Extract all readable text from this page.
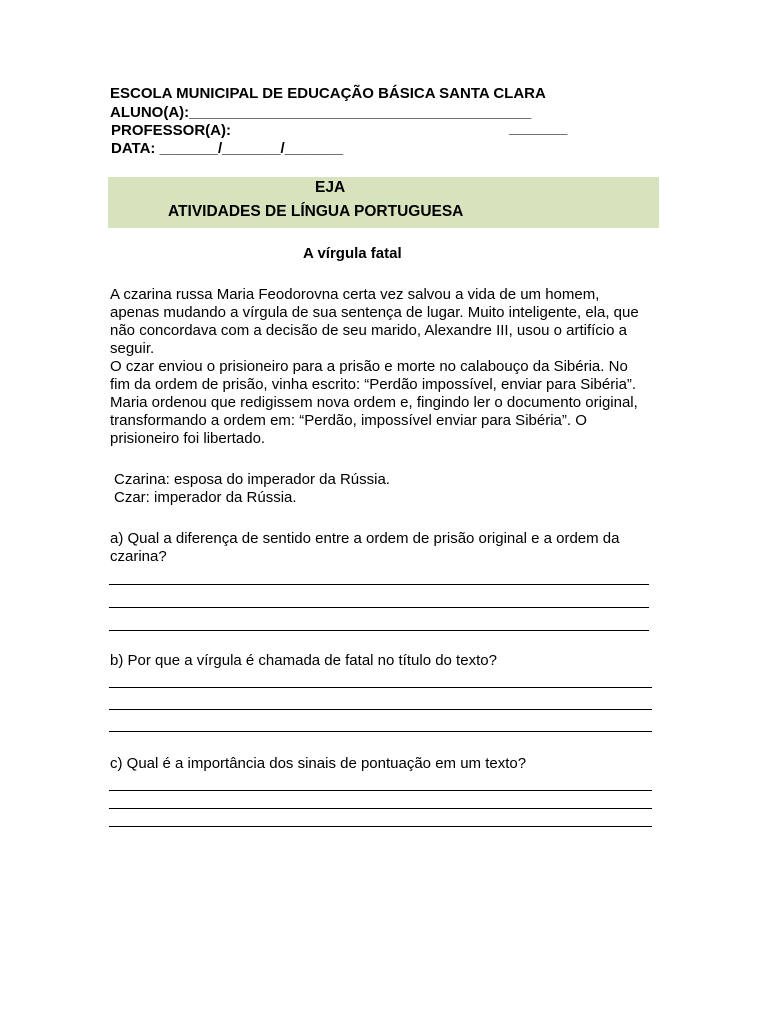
ESCOLA MUNICIPAL DE EDUCAÇÃO BÁSICA SANTA CLARA
ALUNO(A):_________________________________________
PROFESSOR(A):	_______
DATA: _______/_______/_______
EJA
ATIVIDADES DE LÍNGUA PORTUGUESA
A vírgula fatal
A czarina russa Maria Feodorovna certa vez salvou a vida de um homem,
apenas mudando a vírgula de sua sentença de lugar. Muito inteligente, ela, que
não concordava com a decisão de seu marido, Alexandre III, usou o artifício a
seguir.
O czar enviou o prisioneiro para a prisão e morte no calabouço da Sibéria. No
fim da ordem de prisão, vinha escrito: “Perdão impossível, enviar para Sibéria”.
Maria ordenou que redigissem nova ordem e, fingindo ler o documento original,
transformando a ordem em: “Perdão, impossível enviar para Sibéria”. O
prisioneiro foi libertado.
Czarina: esposa do imperador da Rússia.
Czar: imperador da Rússia.
a) Qual a diferença de sentido entre a ordem de prisão original e a ordem da
czarina?
b) Por que a vírgula é chamada de fatal no título do texto?
c) Qual é a importância dos sinais de pontuação em um texto?
